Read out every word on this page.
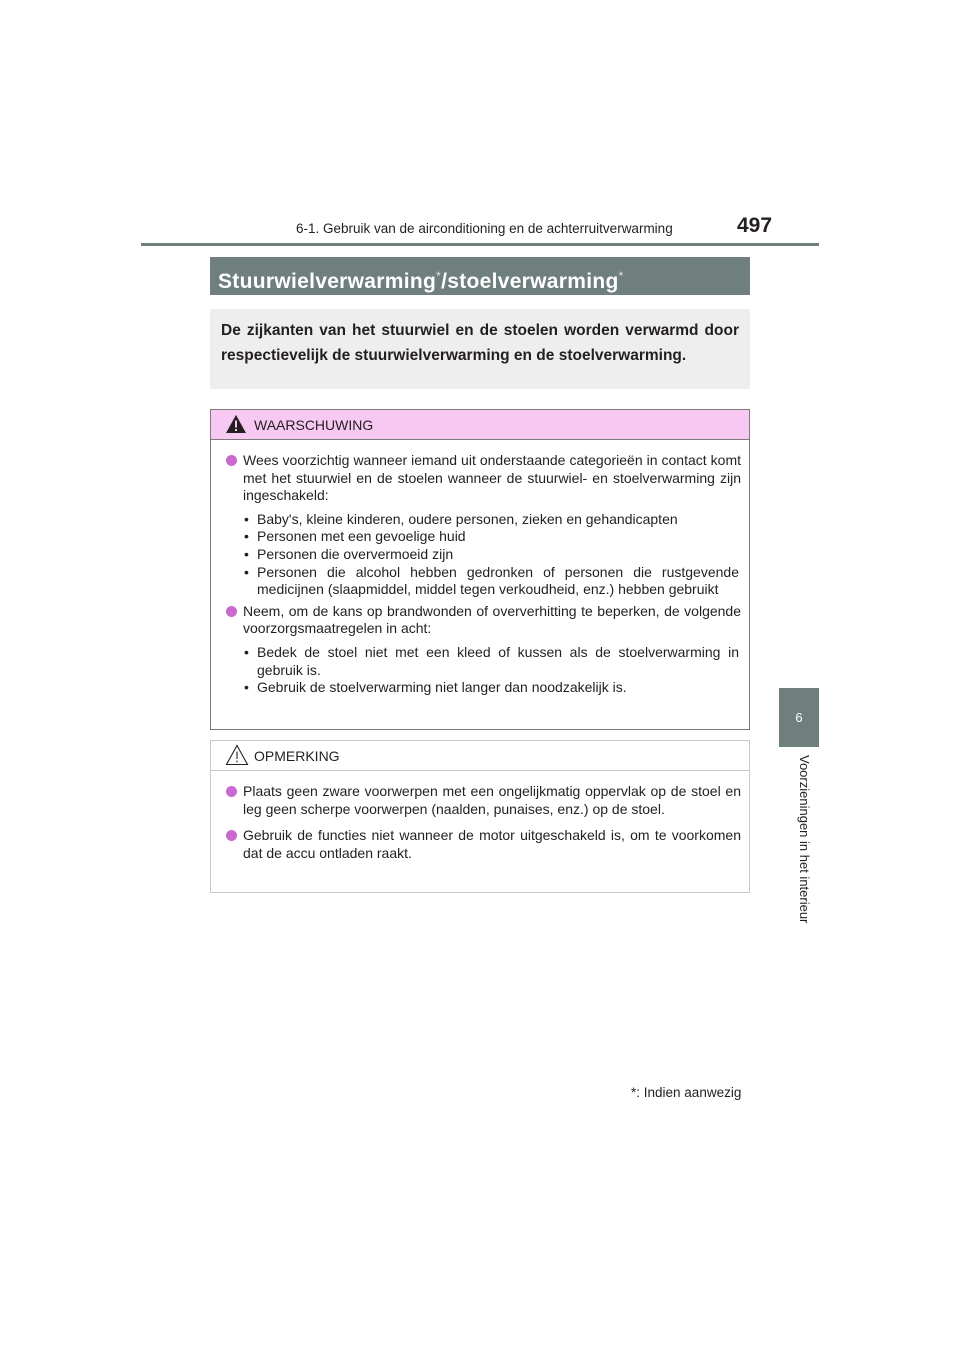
6-1. Gebruik van de airconditioning en de achterruitverwarming	497
6
Voorzieningen in het interieur
Stuurwielverwarming*/stoelverwarming*
De zijkanten van het stuurwiel en de stoelen worden verwarmd door respectievelijk de stuurwielverwarming en de stoelverwarming.
WAARSCHUWING
Wees voorzichtig wanneer iemand uit onderstaande categorieën in contact komt met het stuurwiel en de stoelen wanneer de stuurwiel- en stoelverwarming zijn ingeschakeld:
• Baby's, kleine kinderen, oudere personen, zieken en gehandicapten
• Personen met een gevoelige huid
• Personen die oververmoeid zijn
• Personen die alcohol hebben gedronken of personen die rustgevende medicijnen (slaapmiddel, middel tegen verkoudheid, enz.) hebben gebruikt
Neem, om de kans op brandwonden of oververhitting te beperken, de volgende voorzorgsmaatregelen in acht:
• Bedek de stoel niet met een kleed of kussen als de stoelverwarming in gebruik is.
• Gebruik de stoelverwarming niet langer dan noodzakelijk is.
OPMERKING
Plaats geen zware voorwerpen met een ongelijkmatig oppervlak op de stoel en leg geen scherpe voorwerpen (naalden, punaises, enz.) op de stoel.
Gebruik de functies niet wanneer de motor uitgeschakeld is, om te voorkomen dat de accu ontladen raakt.
*: Indien aanwezig
